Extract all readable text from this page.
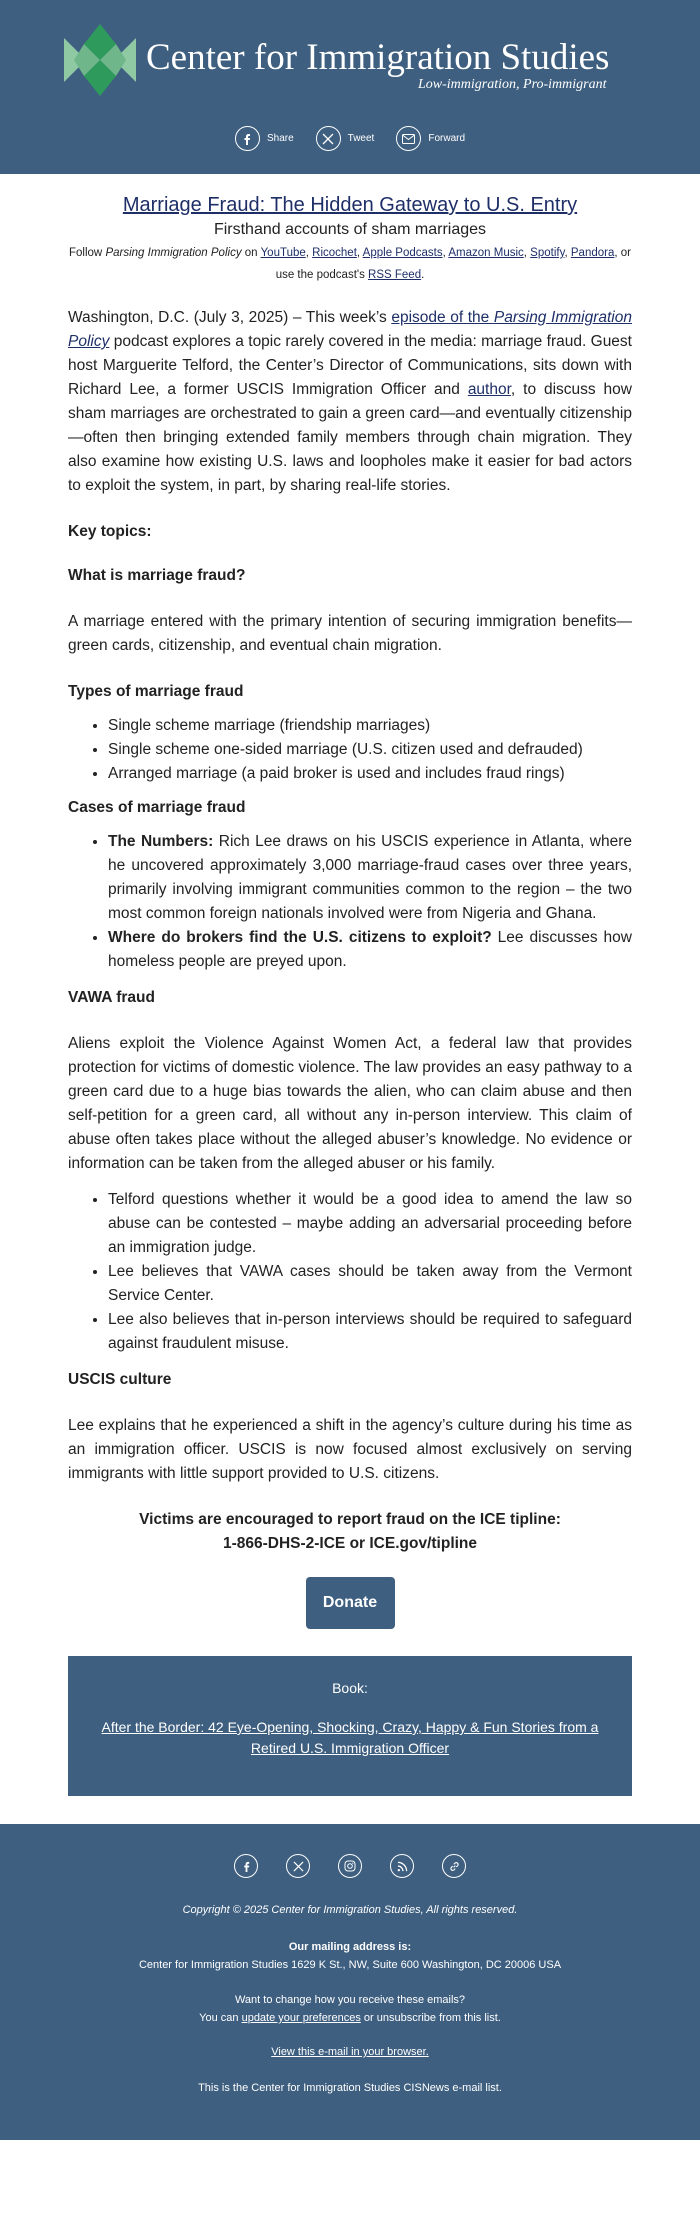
Center for Immigration Studies
Low-immigration, Pro-immigrant
Share	Tweet	Forward
Marriage Fraud: The Hidden Gateway to U.S. Entry
Firsthand accounts of sham marriages
Follow Parsing Immigration Policy on YouTube, Ricochet, Apple Podcasts, Amazon Music, Spotify, Pandora, or use the podcast's RSS Feed.

Washington, D.C. (July 3, 2025) – This week’s episode of the Parsing Immigration Policy podcast explores a topic rarely covered in the media: marriage fraud. Guest host Marguerite Telford, the Center’s Director of Communications, sits down with Richard Lee, a former USCIS Immigration Officer and author, to discuss how sham marriages are orchestrated to gain a green card—and eventually citizenship—often then bringing extended family members through chain migration. They also examine how existing U.S. laws and loopholes make it easier for bad actors to exploit the system, in part, by sharing real-life stories.

Key topics:
What is marriage fraud?

A marriage entered with the primary intention of securing immigration benefits—green cards, citizenship, and eventual chain migration.

Types of marriage fraud
• Single scheme marriage (friendship marriages)
• Single scheme one-sided marriage (U.S. citizen used and defrauded)
• Arranged marriage (a paid broker is used and includes fraud rings)
Cases of marriage fraud
• The Numbers: Rich Lee draws on his USCIS experience in Atlanta, where he uncovered approximately 3,000 marriage-fraud cases over three years, primarily involving immigrant communities common to the region – the two most common foreign nationals involved were from Nigeria and Ghana.
• Where do brokers find the U.S. citizens to exploit? Lee discusses how homeless people are preyed upon.
VAWA fraud

Aliens exploit the Violence Against Women Act, a federal law that provides protection for victims of domestic violence. The law provides an easy pathway to a green card due to a huge bias towards the alien, who can claim abuse and then self-petition for a green card, all without any in-person interview. This claim of abuse often takes place without the alleged abuser’s knowledge. No evidence or information can be taken from the alleged abuser or his family.

• Telford questions whether it would be a good idea to amend the law so abuse can be contested – maybe adding an adversarial proceeding before an immigration judge.
• Lee believes that VAWA cases should be taken away from the Vermont Service Center.
• Lee also believes that in-person interviews should be required to safeguard against fraudulent misuse.
USCIS culture

Lee explains that he experienced a shift in the agency’s culture during his time as an immigration officer. USCIS is now focused almost exclusively on serving immigrants with little support provided to U.S. citizens.

Victims are encouraged to report fraud on the ICE tipline:
1-866-DHS-2-ICE or ICE.gov/tipline
Donate
Book:
After the Border: 42 Eye-Opening, Shocking, Crazy, Happy & Fun Stories from a Retired U.S. Immigration Officer
Copyright © 2025 Center for Immigration Studies, All rights reserved.
Our mailing address is:
Center for Immigration Studies 1629 K St., NW, Suite 600 Washington, DC 20006 USA
Want to change how you receive these emails?
You can update your preferences or unsubscribe from this list.
View this e-mail in your browser.
This is the Center for Immigration Studies CISNews e-mail list.
